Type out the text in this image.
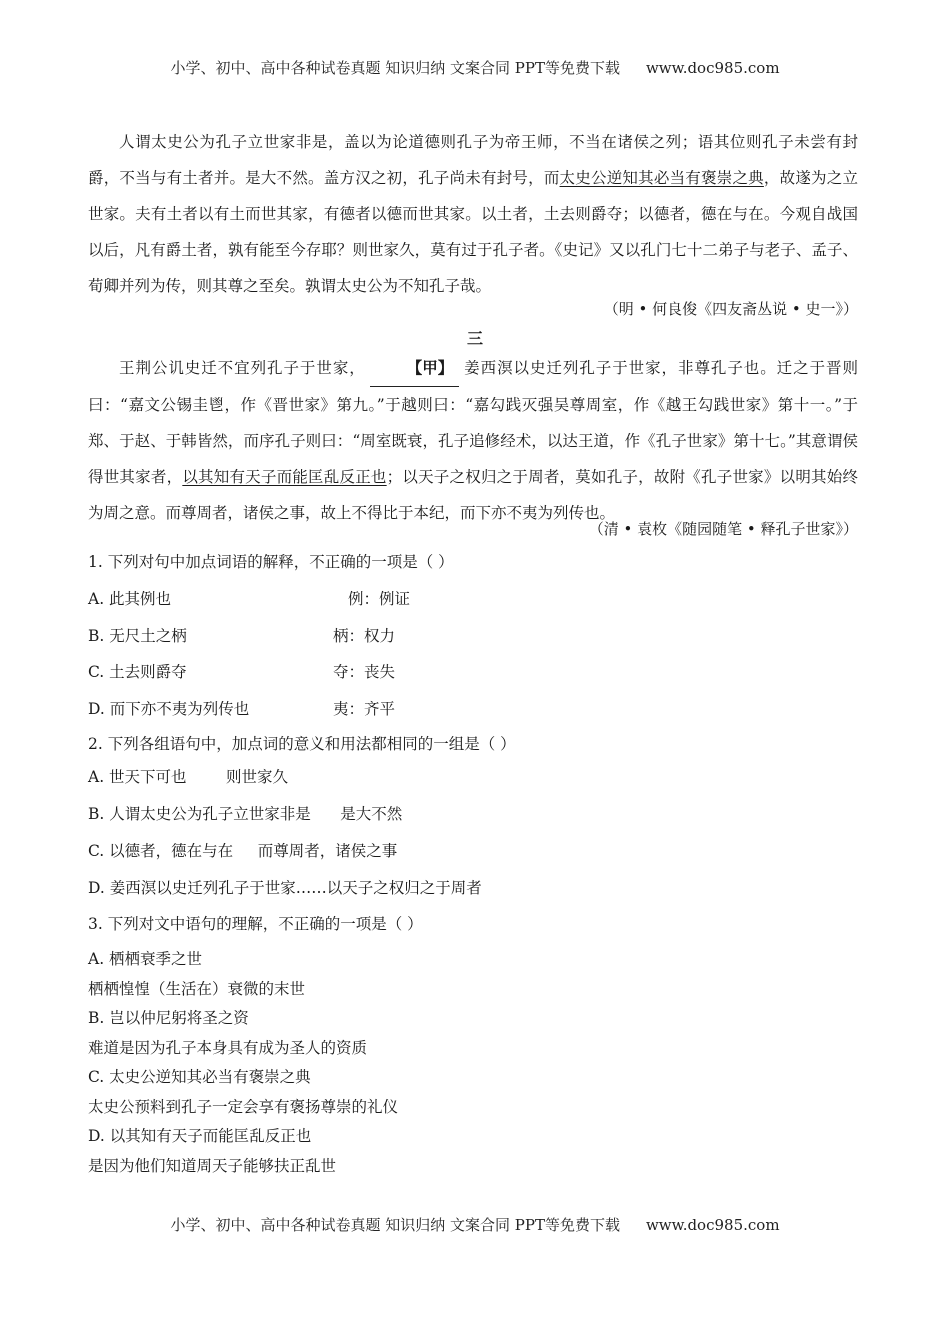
小学、初中、高中各种试卷真题 知识归纳 文案合同 PPT等免费下载 www.doc985.com
人谓太史公为孔子立世家非是，盖以为论道德则孔子为帝王师，不当在诸侯之列；语其位则孔子未尝有封爵，不当与有土者并。是大不然。盖方汉之初，孔子尚未有封号，而太史公逆知其必当有褒崇之典，故遂为之立世家。夫有土者以有土而世其家，有德者以德而世其家。以土者，土去则爵夺；以德者，德在与在。今观自战国以后，凡有爵土者，孰有能至今存耶？则世家久，莫有过于孔子者。《史记》又以孔门七十二弟子与老子、孟子、荀卿并列为传，则其尊之至矣。孰谓太史公为不知孔子哉。
（明 • 何良俊《四友斋丛说 • 史一》）
三
王荆公讥史迁不宜列孔子于世家，	【甲】 姜西溟以史迁列孔子于世家，非尊孔子也。迁之于晋则曰：“嘉文公锡圭鬯，作《晋世家》第九。”于越则曰：“嘉勾践灭强吴尊周室，作《越王勾践世家》第十一。”于郑、于赵、于韩皆然，而序孔子则曰：“周室既衰，孔子追修经术，以达王道，作《孔子世家》第十七。”其意谓侯得世其家者，以其知有天子而能匡乱反正也；以天子之权归之于周者，莫如孔子，故附《孔子世家》以明其始终为周之意。而尊周者，诸侯之事，故上不得比于本纪，而下亦不夷为列传也。
（清 • 袁枚《随园随笔 • 释孔子世家》）
1. 下列对句中加点词语的解释，不正确的一项是（ ）
A. 此其例也	例：例证
B. 无尺土之柄	柄：权力
C. 土去则爵夺	夺：丧失
D. 而下亦不夷为列传也	夷：齐平
2. 下列各组语句中，加点词的意义和用法都相同的一组是（ ）
A. 世天下可也        则世家久
B. 人谓太史公为孔子立世家非是      是大不然
C. 以德者，德在与在     而尊周者，诸侯之事
D. 姜西溟以史迁列孔子于世家……以天子之权归之于周者
3. 下列对文中语句的理解，不正确的一项是（ ）
A. 栖栖衰季之世
栖栖惶惶（生活在）衰微的末世
B. 岂以仲尼躬将圣之资
难道是因为孔子本身具有成为圣人的资质
C. 太史公逆知其必当有褒崇之典
太史公预料到孔子一定会享有褒扬尊崇的礼仪
D. 以其知有天子而能匡乱反正也
是因为他们知道周天子能够扶正乱世
小学、初中、高中各种试卷真题 知识归纳 文案合同 PPT等免费下载 www.doc985.com
